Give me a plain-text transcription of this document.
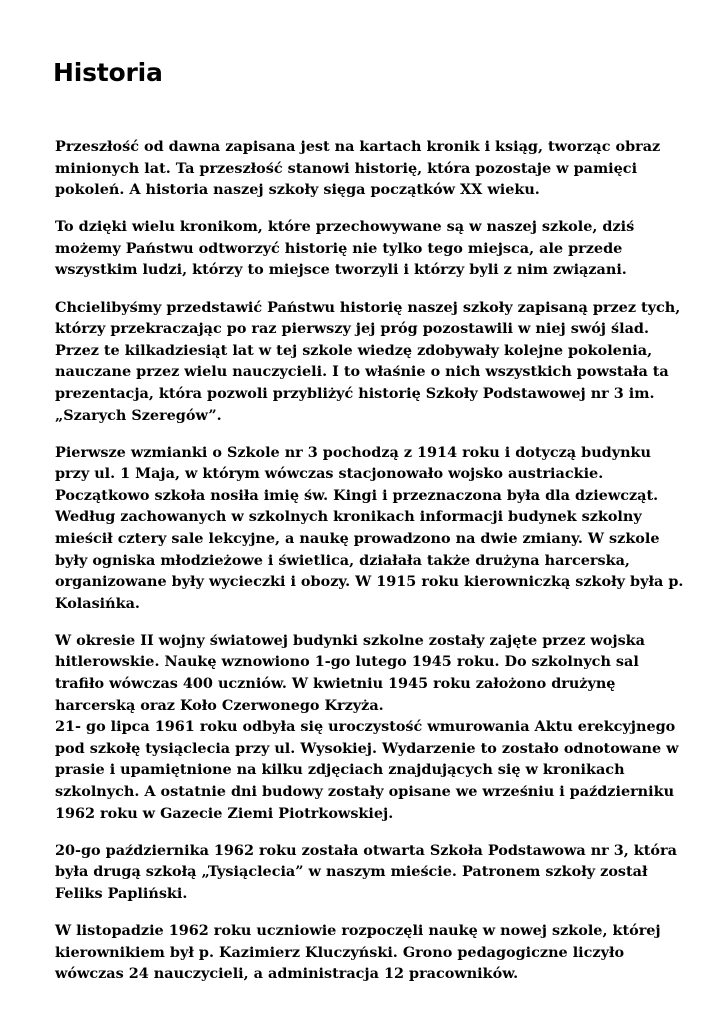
Historia

Przeszłość od dawna zapisana jest na kartach kronik i ksiąg, tworząc obraz
minionych lat. Ta przeszłość stanowi historię, która pozostaje w pamięci
pokoleń. A historia naszej szkoły sięga początków XX wieku.

To dzięki wielu kronikom, które przechowywane są w naszej szkole, dziś
możemy Państwu odtworzyć historię nie tylko tego miejsca, ale przede
wszystkim ludzi, którzy to miejsce tworzyli i którzy byli z nim związani.

Chcielibyśmy przedstawić Państwu historię naszej szkoły zapisaną przez tych,
którzy przekraczając po raz pierwszy jej próg pozostawili w niej swój ślad.
Przez te kilkadziesiąt lat w tej szkole wiedzę zdobywały kolejne pokolenia,
nauczane przez wielu nauczycieli. I to właśnie o nich wszystkich powstała ta
prezentacja, która pozwoli przybliżyć historię Szkoły Podstawowej nr 3 im.
„Szarych Szeregów”.

Pierwsze wzmianki o Szkole nr 3 pochodzą z 1914 roku i dotyczą budynku
przy ul. 1 Maja, w którym wówczas stacjonowało wojsko austriackie.
Początkowo szkoła nosiła imię św. Kingi i przeznaczona była dla dziewcząt.
Według zachowanych w szkolnych kronikach informacji budynek szkolny
mieścił cztery sale lekcyjne, a naukę prowadzono na dwie zmiany. W szkole
były ogniska młodzieżowe i świetlica, działała także drużyna harcerska,
organizowane były wycieczki i obozy. W 1915 roku kierowniczką szkoły była p.
Kolasińka.

W okresie II wojny światowej budynki szkolne zostały zajęte przez wojska
hitlerowskie. Naukę wznowiono 1-go lutego 1945 roku. Do szkolnych sal
trafiło wówczas 400 uczniów. W kwietniu 1945 roku założono drużynę
harcerską oraz Koło Czerwonego Krzyża.
21- go lipca 1961 roku odbyła się uroczystość wmurowania Aktu erekcyjnego
pod szkołę tysiąclecia przy ul. Wysokiej. Wydarzenie to zostało odnotowane w
prasie i upamiętnione na kilku zdjęciach znajdujących się w kronikach
szkolnych. A ostatnie dni budowy zostały opisane we wrześniu i październiku
1962 roku w Gazecie Ziemi Piotrkowskiej.

20-go października 1962 roku została otwarta Szkoła Podstawowa nr 3, która
była drugą szkołą „Tysiąclecia” w naszym mieście. Patronem szkoły został
Feliks Papliński.

W listopadzie 1962 roku uczniowie rozpoczęli naukę w nowej szkole, której
kierownikiem był p. Kazimierz Kluczyński. Grono pedagogiczne liczyło
wówczas 24 nauczycieli, a administracja 12 pracowników.
